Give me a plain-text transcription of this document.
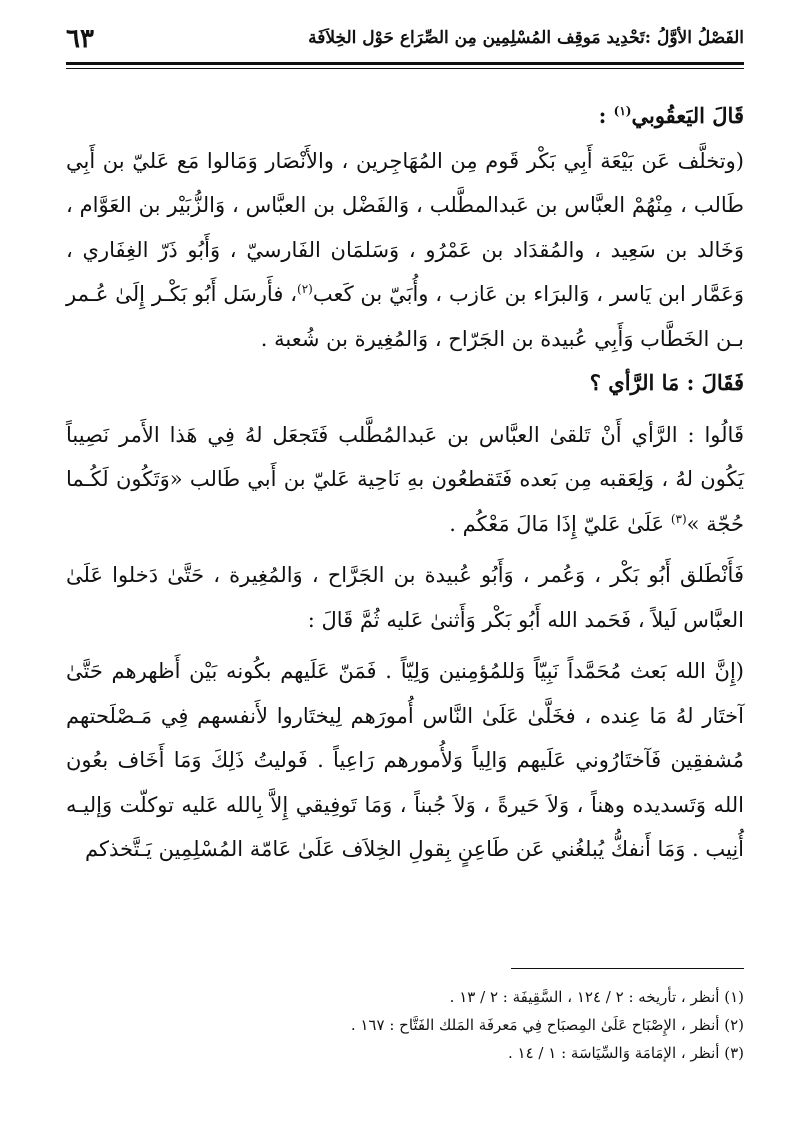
الفَصْلُ الأوَّلُ :تَحْدِيد مَوقِف المُسْلِمِين مِن الصِّرَاع حَوْل الخِلاَفَة
٦٣

قَالَ اليَعقُوبي$^{(١)}$ :

(وتخلَّف عَن بَيْعَة أَبِي بَكْر قَوم مِن المُهَاجِرين ، والأَنْصَار وَمَالوا مَع عَليّ بن أَبِي طَالب ، مِنْهُمْ العبَّاس بن عَبدالمطَّلب ، وَالفَضْل بن العبَّاس ، وَالزُّبَيْر بن العَوَّام ، وَخَالد بن سَعِيد ، والمُقدَاد بن عَمْرُو ، وَسَلمَان الفَارسيّ ، وَأَبُو ذَرّ الغِفَاري ، وَعَمَّار ابن يَاسر ، وَالبرَاء بن عَازب ، وأُبَيّ بن كَعب$^{(٢)}$، فأَرسَل أَبُو بَكْـر إِلَىٰ عُـمر بـن الخَطَّاب وَأَبِي عُبيدة بن الجَرّاح ، وَالمُغِيرة بن شُعبة .

فَقَالَ : مَا الرَّأي ؟

قَالُوا : الرَّأي أَنْ تَلقىٰ العبَّاس بن عَبدالمُطَّلب فَتَجعَل لهُ فِي هَذا الأَمر نَصِيباً يَكُون لهُ ، وَلِعَقبه مِن بَعده فَتَقطعُون بهِ نَاحِية عَليّ بن أَبي طَالب «وَتَكُون لَكُـما حُجّة »$^{(٣)}$ عَلَىٰ عَليّ إِذَا مَالَ مَعْكُم .

فَأَنْطَلق أَبُو بَكْر ، وَعُمر ، وَأَبُو عُبيدة بن الجَرَّاح ، وَالمُغِيرة ، حَتَّىٰ دَخلوا عَلَىٰ العبَّاس لَيلاً ، فَحَمد الله أَبُو بَكْر وَأَثنىٰ عَليه ثُمَّ قَالَ :

(إِنَّ الله بَعث مُحَمَّداً نَبِيّاً وَللمُؤمِنين وَلِيّاً . فَمَنّ عَلَيهم بكُونه بَيْن أَظهرهم حَتَّىٰ آختَار لهُ مَا عِنده ، فخَلَّىٰ عَلَىٰ النَّاس أُمورَهم لِيختَاروا لأَنفسهم فِي مَـصْلَحتهم مُشفقِين فَآختَارُوني عَلَيهم وَالِياً وَلأُمورهم رَاعِياً . فَوليتُ ذَلِكَ وَمَا أَخَاف بعُون الله وَتَسديده وهناً ، وَلاَ حَيرةً ، وَلاَ جُبناً ، وَمَا تَوفِيقي إِلاَّ بِالله عَليه توكلّت وَإليـه أُنِيب . وَمَا أَنفكُّ يُبلغُني عَن طَاعِنٍ بِقولِ الخِلاَف عَلَىٰ عَامّة المُسْلِمِين يَـتَّخذكم

(١) أنظر ، تأريخه : ٢ / ١٢٤ ، السَّقِيفَة : ٢ / ١٣ .
(٢) أنظر ، الإِصْبَاح عَلَىٰ المِصبَاح فِي مَعرفَة المَلك الفَتَّاح : ١٦٧ .
(٣) أنظر ، الإمَامَة وَالسِّيَاسَة : ١ / ١٤ .
